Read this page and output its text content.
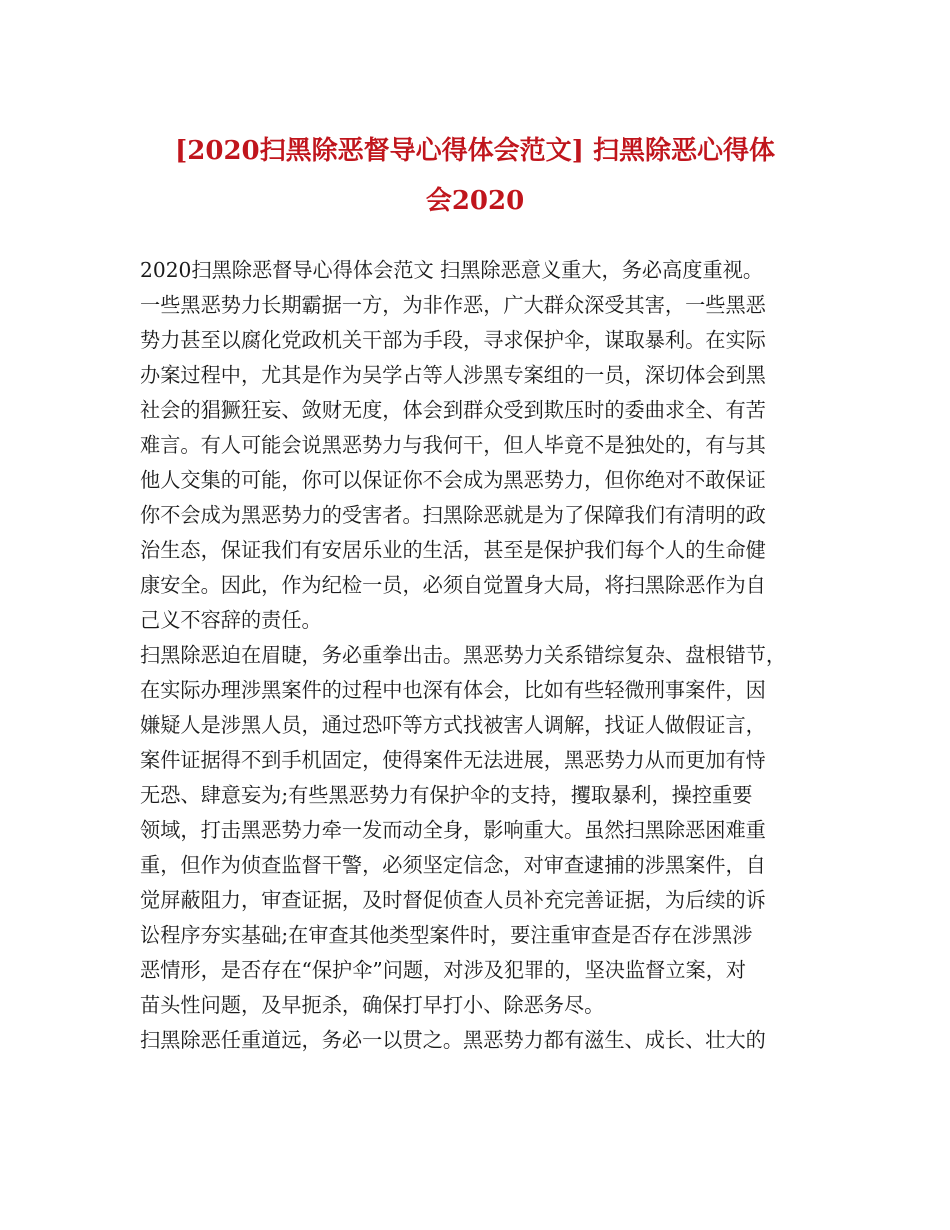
[2020扫黑除恶督导心得体会范文] 扫黑除恶心得体
会2020
2020扫黑除恶督导心得体会范文 扫黑除恶意义重大，务必高度重视。
一些黑恶势力长期霸据一方，为非作恶，广大群众深受其害，一些黑恶
势力甚至以腐化党政机关干部为手段，寻求保护伞，谋取暴利。在实际
办案过程中，尤其是作为吴学占等人涉黑专案组的一员，深切体会到黑
社会的猖獗狂妄、敛财无度，体会到群众受到欺压时的委曲求全、有苦
难言。有人可能会说黑恶势力与我何干，但人毕竟不是独处的，有与其
他人交集的可能，你可以保证你不会成为黑恶势力，但你绝对不敢保证
你不会成为黑恶势力的受害者。扫黑除恶就是为了保障我们有清明的政
治生态，保证我们有安居乐业的生活，甚至是保护我们每个人的生命健
康安全。因此，作为纪检一员，必须自觉置身大局，将扫黑除恶作为自
己义不容辞的责任。
扫黑除恶迫在眉睫，务必重拳出击。黑恶势力关系错综复杂、盘根错节，
在实际办理涉黑案件的过程中也深有体会，比如有些轻微刑事案件，因
嫌疑人是涉黑人员，通过恐吓等方式找被害人调解，找证人做假证言，
案件证据得不到手机固定，使得案件无法进展，黑恶势力从而更加有恃
无恐、肆意妄为;有些黑恶势力有保护伞的支持，攫取暴利，操控重要
领域，打击黑恶势力牵一发而动全身，影响重大。虽然扫黑除恶困难重
重，但作为侦查监督干警，必须坚定信念，对审查逮捕的涉黑案件，自
觉屏蔽阻力，审查证据，及时督促侦查人员补充完善证据，为后续的诉
讼程序夯实基础;在审查其他类型案件时，要注重审查是否存在涉黑涉
恶情形，是否存在“保护伞”问题，对涉及犯罪的，坚决监督立案，对
苗头性问题，及早扼杀，确保打早打小、除恶务尽。
扫黑除恶任重道远，务必一以贯之。黑恶势力都有滋生、成长、壮大的
